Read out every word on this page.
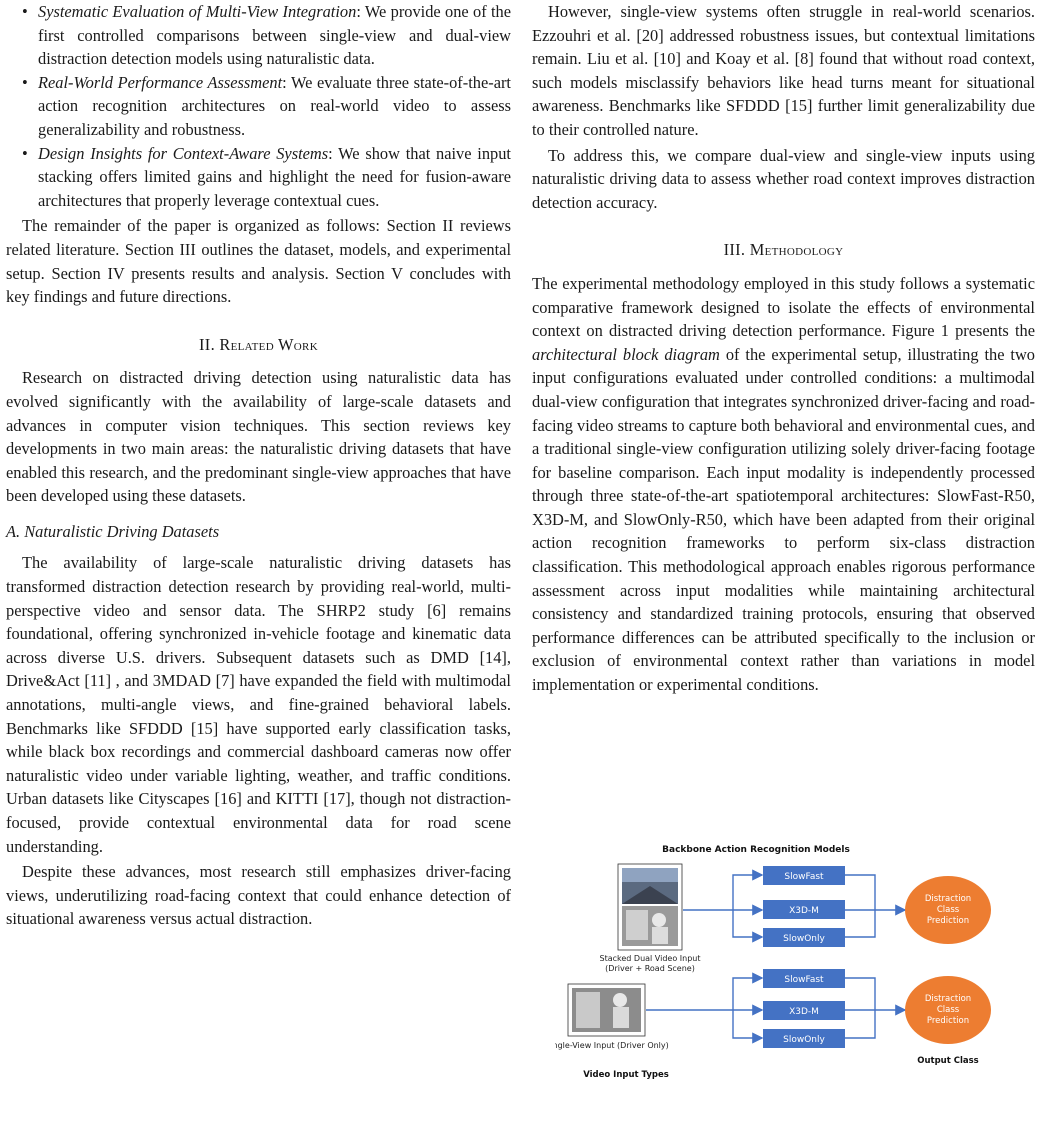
• Systematic Evaluation of Multi-View Integration: We provide one of the first controlled comparisons between single-view and dual-view distraction detection models using naturalistic data.
• Real-World Performance Assessment: We evaluate three state-of-the-art action recognition architectures on real-world video to assess generalizability and robustness.
• Design Insights for Context-Aware Systems: We show that naive input stacking offers limited gains and highlight the need for fusion-aware architectures that properly leverage contextual cues.

The remainder of the paper is organized as follows: Section II reviews related literature. Section III outlines the dataset, models, and experimental setup. Section IV presents results and analysis. Section V concludes with key findings and future directions.

II. Related Work

Research on distracted driving detection using naturalistic data has evolved significantly with the availability of large-scale datasets and advances in computer vision techniques. This section reviews key developments in two main areas: the naturalistic driving datasets that have enabled this research, and the predominant single-view approaches that have been developed using these datasets.

A. Naturalistic Driving Datasets

The availability of large-scale naturalistic driving datasets has transformed distraction detection research by providing real-world, multi-perspective video and sensor data. The SHRP2 study [6] remains foundational, offering synchronized in-vehicle footage and kinematic data across diverse U.S. drivers. Subsequent datasets such as DMD [14], Drive&Act [11] , and 3MDAD [7] have expanded the field with multimodal annotations, multi-angle views, and fine-grained behavioral labels. Benchmarks like SFDDD [15] have supported early classification tasks, while black box recordings and commercial dashboard cameras now offer naturalistic video under variable lighting, weather, and traffic conditions. Urban datasets like Cityscapes [16] and KITTI [17], though not distraction-focused, provide contextual environmental data for road scene understanding.

Despite these advances, most research still emphasizes driver-facing views, underutilizing road-facing context that could enhance detection of situational awareness versus actual distraction.

However, single-view systems often struggle in real-world scenarios. Ezzouhri et al. [20] addressed robustness issues, but contextual limitations remain. Liu et al. [10] and Koay et al. [8] found that without road context, such models misclassify behaviors like head turns meant for situational awareness. Benchmarks like SFDDD [15] further limit generalizability due to their controlled nature.

To address this, we compare dual-view and single-view inputs using naturalistic driving data to assess whether road context improves distraction detection accuracy.

III. Methodology

The experimental methodology employed in this study follows a systematic comparative framework designed to isolate the effects of environmental context on distracted driving detection performance. Figure 1 presents the architectural block diagram of the experimental setup, illustrating the two input configurations evaluated under controlled conditions: a multimodal dual-view configuration that integrates synchronized driver-facing and road-facing video streams to capture both behavioral and environmental cues, and a traditional single-view configuration utilizing solely driver-facing footage for baseline comparison. Each input modality is independently processed through three state-of-the-art spatiotemporal architectures: SlowFast-R50, X3D-M, and SlowOnly-R50, which have been adapted from their original action recognition frameworks to perform six-class distraction classification. This methodological approach enables rigorous performance assessment across input modalities while maintaining architectural consistency and standardized training protocols, ensuring that observed performance differences can be attributed specifically to the inclusion or exclusion of environmental context rather than variations in model implementation or experimental conditions.

Backbone Action Recognition Models
Stacked Dual Video Input
(Driver + Road Scene)
SlowFast
X3D-M
SlowOnly
Distraction
Class
Prediction
Single-View Input (Driver Only)
SlowFast
X3D-M
SlowOnly
Distraction
Class
Prediction
Output Class
Video Input Types
